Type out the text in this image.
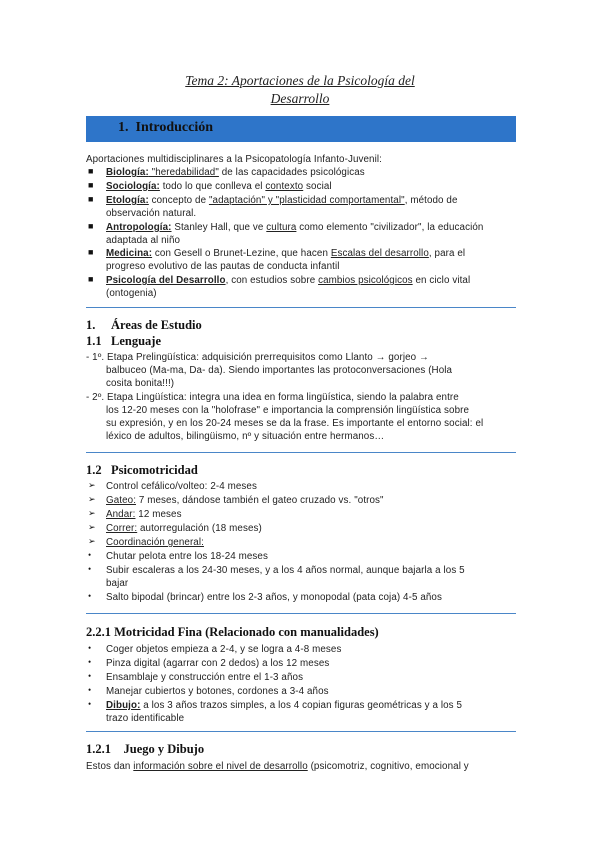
Tema 2: Aportaciones de la Psicología del
Desarrollo
1. Introducción
Aportaciones multidisciplinares a la Psicopatología Infanto-Juvenil:
■ Biología: "heredabilidad" de las capacidades psicológicas
■ Sociología: todo lo que conlleva el contexto social
■ Etología: concepto de "adaptación" y "plasticidad comportamental", método de
observación natural.
■ Antropología: Stanley Hall, que ve cultura como elemento "civilizador", la educación
adaptada al niño
■ Medicina: con Gesell o Brunet-Lezine, que hacen Escalas del desarrollo, para el
progreso evolutivo de las pautas de conducta infantil
■ Psicología del Desarrollo, con estudios sobre cambios psicológicos en ciclo vital
(ontogenia)
1. Áreas de Estudio
1.1 Lenguaje
- 1º. Etapa Prelingüística: adquisición prerrequisitos como Llanto → gorjeo →
balbuceo (Ma-ma, Da- da). Siendo importantes las protoconversaciones (Hola
cosita bonita!!!)
- 2º. Etapa Lingüística: integra una idea en forma lingüística, siendo la palabra entre
los 12-20 meses con la "holofrase" e importancia la comprensión lingüística sobre
su expresión, y en los 20-24 meses se da la frase. Es importante el entorno social: el
léxico de adultos, bilingüismo, nº y situación entre hermanos…
1.2 Psicomotricidad
➢ Control cefálico/volteo: 2-4 meses
➢ Gateo: 7 meses, dándose también el gateo cruzado vs. "otros"
➢ Andar: 12 meses
➢ Correr: autorregulación (18 meses)
➢ Coordinación general:
• Chutar pelota entre los 18-24 meses
• Subir escaleras a los 24-30 meses, y a los 4 años normal, aunque bajarla a los 5
bajar
• Salto bipodal (brincar) entre los 2-3 años, y monopodal (pata coja) 4-5 años
2.2.1 Motricidad Fina (Relacionado con manualidades)
• Coger objetos empieza a 2-4, y se logra a 4-8 meses
• Pinza digital (agarrar con 2 dedos) a los 12 meses
• Ensamblaje y construcción entre el 1-3 años
• Manejar cubiertos y botones, cordones a 3-4 años
• Dibujo: a los 3 años trazos simples, a los 4 copian figuras geométricas y a los 5
trazo identificable
1.2.1 Juego y Dibujo
Estos dan información sobre el nivel de desarrollo (psicomotriz, cognitivo, emocional y
